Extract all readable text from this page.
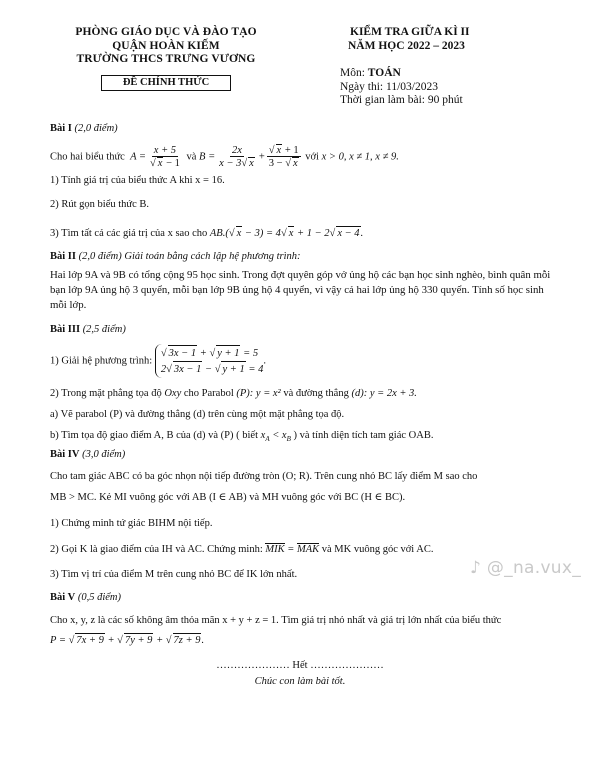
PHÒNG GIÁO DỤC VÀ ĐÀO TẠO
QUẬN HOÀN KIẾM
TRƯỜNG THCS TRƯNG VƯƠNG
ĐỀ CHÍNH THỨC
KIỂM TRA GIỮA KÌ II
NĂM HỌC 2022 – 2023
Môn: TOÁN
Ngày thi: 11/03/2023
Thời gian làm bài: 90 phút
Bài I (2,0 điểm)
Cho hai biểu thức  $A = \frac{x + 5}{√ x - 1}$ và $B = \frac{2x}{x - 3√ x} + \frac{√ x + 1}{3 - √ x}$ với x > 0, x ≠ 1, x ≠ 9.
1) Tính giá trị của biểu thức A khi x = 16.
2) Rút gọn biểu thức B.
3) Tìm tất cả các giá trị của x sao cho AB.(√ x − 3) = 4√ x + 1 − 2√ x − 4.
Bài II (2,0 điểm) Giải toán bằng cách lập hệ phương trình:
Hai lớp 9A và 9B có tổng cộng 95 học sinh. Trong đợt quyên góp vở ủng hộ các bạn học sinh nghèo, bình quân mỗi bạn lớp 9A ủng hộ 3 quyển, mỗi bạn lớp 9B ủng hộ 4 quyển, vì vậy cả hai lớp ủng hộ 330 quyển. Tính số học sinh mỗi lớp.
Bài III (2,5 điểm)
1) Giải hệ phương trình: √ 3x − 1 + √ y + 1 = 5
2√ 3x − 1 − √ y + 1 = 4.
2) Trong mặt phẳng tọa độ Oxy cho Parabol (P): y = x² và đường thẳng (d): y = 2x + 3.
a) Vẽ parabol (P) và đường thẳng (d) trên cùng một mặt phẳng tọa độ.
b) Tìm tọa độ giao điểm A, B của (d) và (P) ( biết $x_A < x_B$ ) và tính diện tích tam giác OAB.
Bài IV (3,0 điểm)
Cho tam giác ABC có ba góc nhọn nội tiếp đường tròn (O; R). Trên cung nhỏ BC lấy điểm M sao cho
MB > MC. Kẻ MI vuông góc với AB (I ∈ AB) và MH vuông góc với BC (H ∈ BC).
1) Chứng minh tứ giác BIHM nội tiếp.
2) Gọi K là giao điểm của IH và AC. Chứng minh: MIK = MAK và MK vuông góc với AC.
3) Tìm vị trí của điểm M trên cung nhỏ BC để IK lớn nhất.
Bài V (0,5 điểm)
Cho x, y, z là các số không âm thỏa mãn x + y + z = 1. Tìm giá trị nhỏ nhất và giá trị lớn nhất của biểu thức
P = √ 7x + 9 + √ 7y + 9 + √ 7z + 9.
………………… Hết …………………
Chúc con làm bài tốt.
♪ @_na.vux_
